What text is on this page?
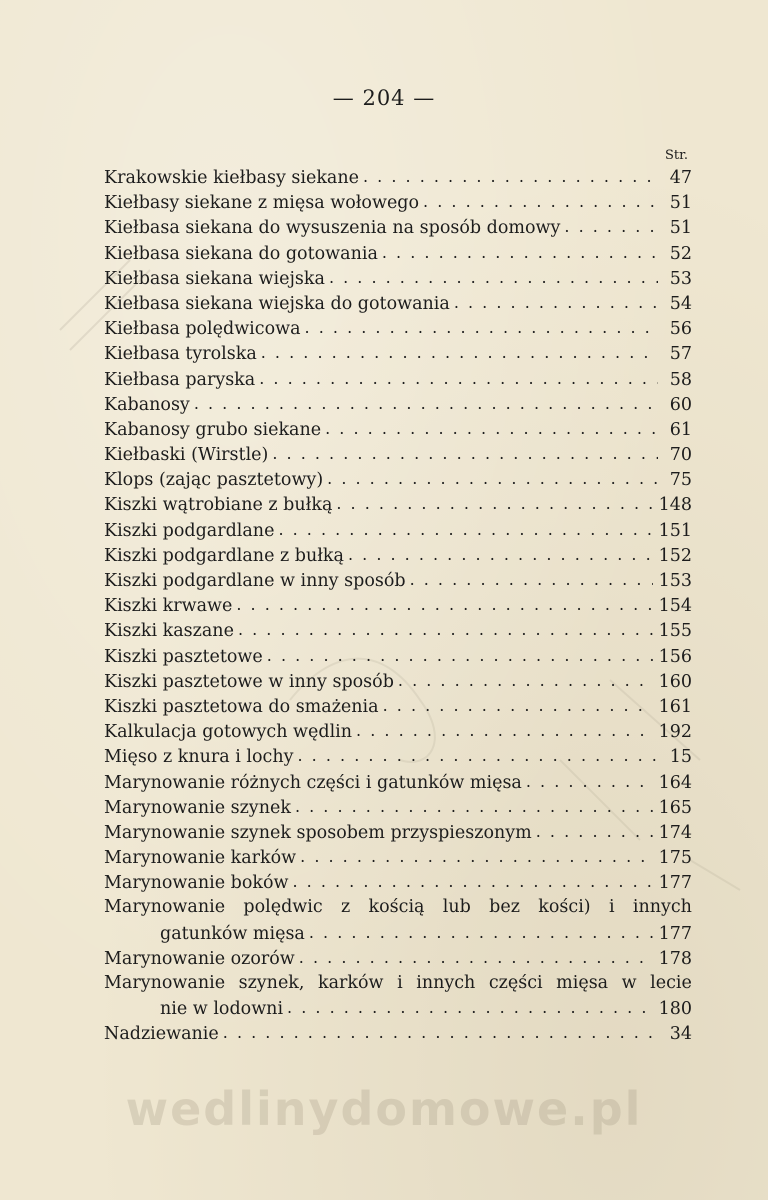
— 204 —
Str.
Krakowskie kiełbasy siekane . . .	47
Kiełbasy siekane z mięsa wołowego . . .	51
Kiełbasa siekana do wysuszenia na sposób domowy . . .	51
Kiełbasa siekana do gotowania . . .	52
Kiełbasa siekana wiejska . . .	53
Kiełbasa siekana wiejska do gotowania . . .	54
Kiełbasa polędwicowa . . .	56
Kiełbasa tyrolska . . .	57
Kiełbasa paryska . . .	58
Kabanosy . . .	60
Kabanosy grubo siekane . . .	61
Kiełbaski (Wirstle) . . .	70
Klops (zając pasztetowy) . . .	75
Kiszki wątrobiane z bułką . . .	148
Kiszki podgardlane . . .	151
Kiszki podgardlane z bułką . . .	152
Kiszki podgardlane w inny sposób . . .	153
Kiszki krwawe . . .	154
Kiszki kaszane . . .	155
Kiszki pasztetowe . . .	156
Kiszki pasztetowe w inny sposób . . .	160
Kiszki pasztetowa do smażenia . . .	161
Kalkulacja gotowych wędlin . . .	192
Mięso z knura i lochy . . .	15
Marynowanie różnych części i gatunków mięsa . . .	164
Marynowanie szynek . . .	165
Marynowanie szynek sposobem przyspieszonym . . .	174
Marynowanie karków . . .	175
Marynowanie boków . . .	177
Marynowanie polędwic z kością lub bez kości) i innych
gatunków mięsa . . .	177
Marynowanie ozorów . . .	178
Marynowanie szynek, karków i innych części mięsa w lecie
nie w lodowni . . .	180
Nadziewanie . . .	34
wedlinydomowe.pl
